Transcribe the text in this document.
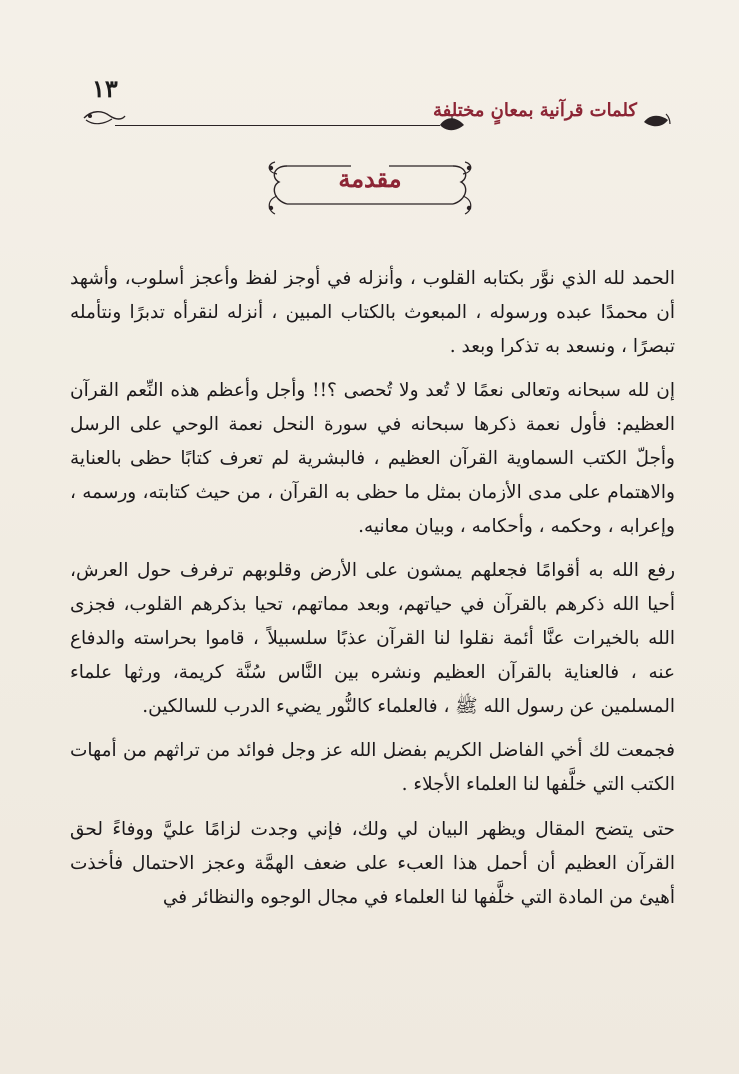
١٣
كلمات قرآنية بمعانٍ مختلفة
مقدمة

الحمد لله الذي نوَّر بكتابه القلوب ، وأنزله في أوجز لفظ وأعجز أسلوب، وأشهد أن محمدًا عبده ورسوله ، المبعوث بالكتاب المبين ، أنزله لنقرأه تدبرًا ونتأمله تبصرًا ، ونسعد به تذكرا وبعد .

إن لله سبحانه وتعالى نعمًا لا تُعد ولا تُحصى ؟!! وأجل وأعظم هذه النِّعم القرآن العظيم: فأول نعمة ذكرها سبحانه في سورة النحل نعمة الوحي على الرسل وأجلّ الكتب السماوية القرآن العظيم ، فالبشرية لم تعرف كتابًا حظى بالعناية والاهتمام على مدى الأزمان بمثل ما حظى به القرآن ، من حيث كتابته، ورسمه ، وإعرابه ، وحكمه ، وأحكامه ، وبيان معانيه.

رفع الله به أقوامًا فجعلهم يمشون على الأرض وقلوبهم ترفرف حول العرش، أحيا الله ذكرهم بالقرآن في حياتهم، وبعد مماتهم، تحيا بذكرهم القلوب، فجزى الله بالخيرات عنَّا أئمة نقلوا لنا القرآن عذبًا سلسبيلاً ، قاموا بحراسته والدفاع عنه ، فالعناية بالقرآن العظيم ونشره بين النَّاس سُنَّة كريمة، ورثها علماء المسلمين عن رسول الله ﷺ ، فالعلماء كالنُّور يضيء الدرب للسالكين.

فجمعت لك أخي الفاضل الكريم بفضل الله عز وجل فوائد من تراثهم من أمهات الكتب التي خلَّفها لنا العلماء الأجلاء .

حتى يتضح المقال ويظهر البيان لي ولك، فإني وجدت لزامًا عليَّ ووفاءً لحق القرآن العظيم أن أحمل هذا العبء على ضعف الهمَّة وعجز الاحتمال فأخذت أهيئ من المادة التي خلَّفها لنا العلماء في مجال الوجوه والنظائر في
